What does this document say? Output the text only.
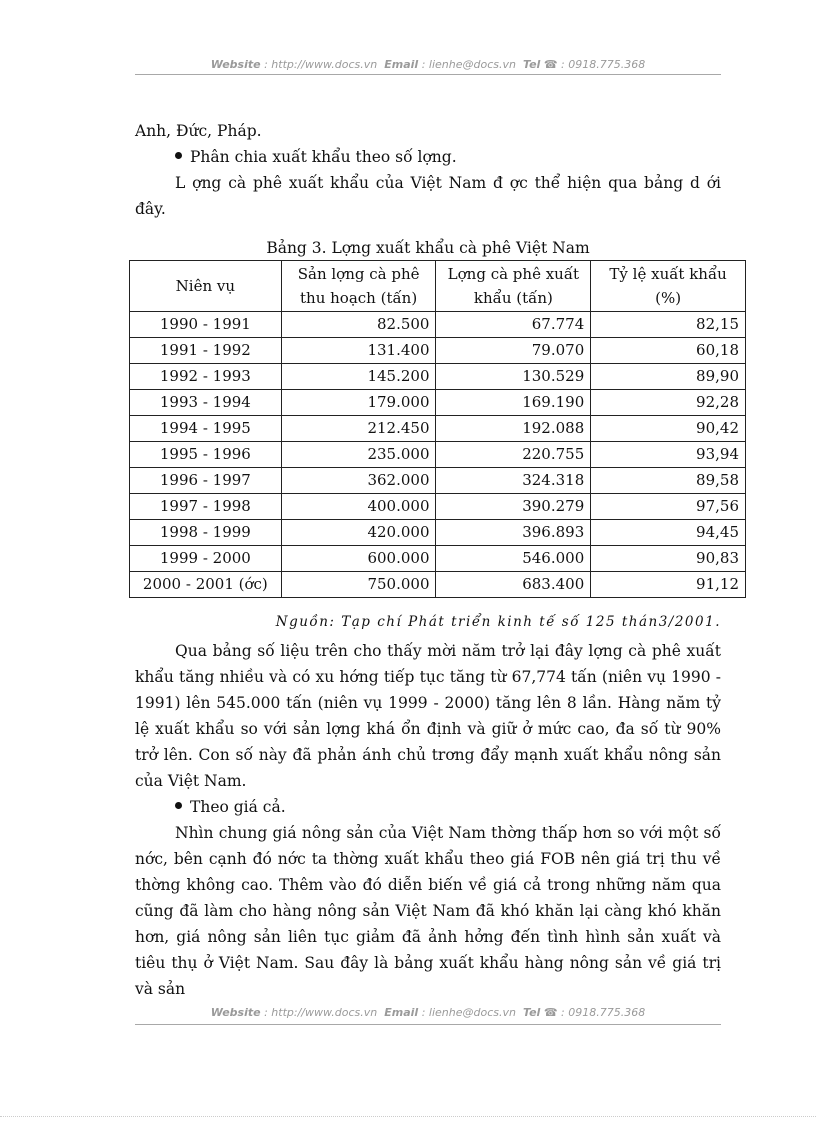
Website : http://www.docs.vn Email : lienhe@docs.vn Tel ☎ : 0918.775.368

Anh, Đức, Pháp.

Phân chia xuất khẩu theo số lợng.

L ợng cà phê xuất khẩu của Việt Nam đ ợc thể hiện qua bảng d ới đây.

Bảng 3. Lợng xuất khẩu cà phê Việt Nam

Niên vụ	Sản lợng cà phê thu hoạch (tấn)	Lợng cà phê xuất khẩu (tấn)	Tỷ lệ xuất khẩu (%)
1990 - 1991	82.500	67.774	82,15
1991 - 1992	131.400	79.070	60,18
1992 - 1993	145.200	130.529	89,90
1993 - 1994	179.000	169.190	92,28
1994 - 1995	212.450	192.088	90,42
1995 - 1996	235.000	220.755	93,94
1996 - 1997	362.000	324.318	89,58
1997 - 1998	400.000	390.279	97,56
1998 - 1999	420.000	396.893	94,45
1999 - 2000	600.000	546.000	90,83
2000 - 2001 (ớc)	750.000	683.400	91,12

Nguồn: Tạp chí Phát triển kinh tế số 125 thán3/2001.

Qua bảng số liệu trên cho thấy mời năm trở lại đây lợng cà phê xuất khẩu tăng nhiều và có xu hớng tiếp tục tăng từ 67,774 tấn (niên vụ 1990 - 1991) lên 545.000 tấn (niên vụ 1999 - 2000) tăng lên 8 lần. Hàng năm tỷ lệ xuất khẩu so với sản lợng khá ổn định và giữ ở mức cao, đa số từ 90% trở lên. Con số này đã phản ánh chủ trơng đẩy mạnh xuất khẩu nông sản của Việt Nam.

Theo giá cả.

Nhìn chung giá nông sản của Việt Nam thờng thấp hơn so với một số nớc, bên cạnh đó nớc ta thờng xuất khẩu theo giá FOB nên giá trị thu về thờng không cao. Thêm vào đó diễn biến về giá cả trong những năm qua cũng đã làm cho hàng nông sản Việt Nam đã khó khăn lại càng khó khăn hơn, giá nông sản liên tục giảm đã ảnh hởng đến tình hình sản xuất và tiêu thụ ở Việt Nam. Sau đây là bảng xuất khẩu hàng nông sản về giá trị và sản

Website : http://www.docs.vn Email : lienhe@docs.vn Tel ☎ : 0918.775.368
